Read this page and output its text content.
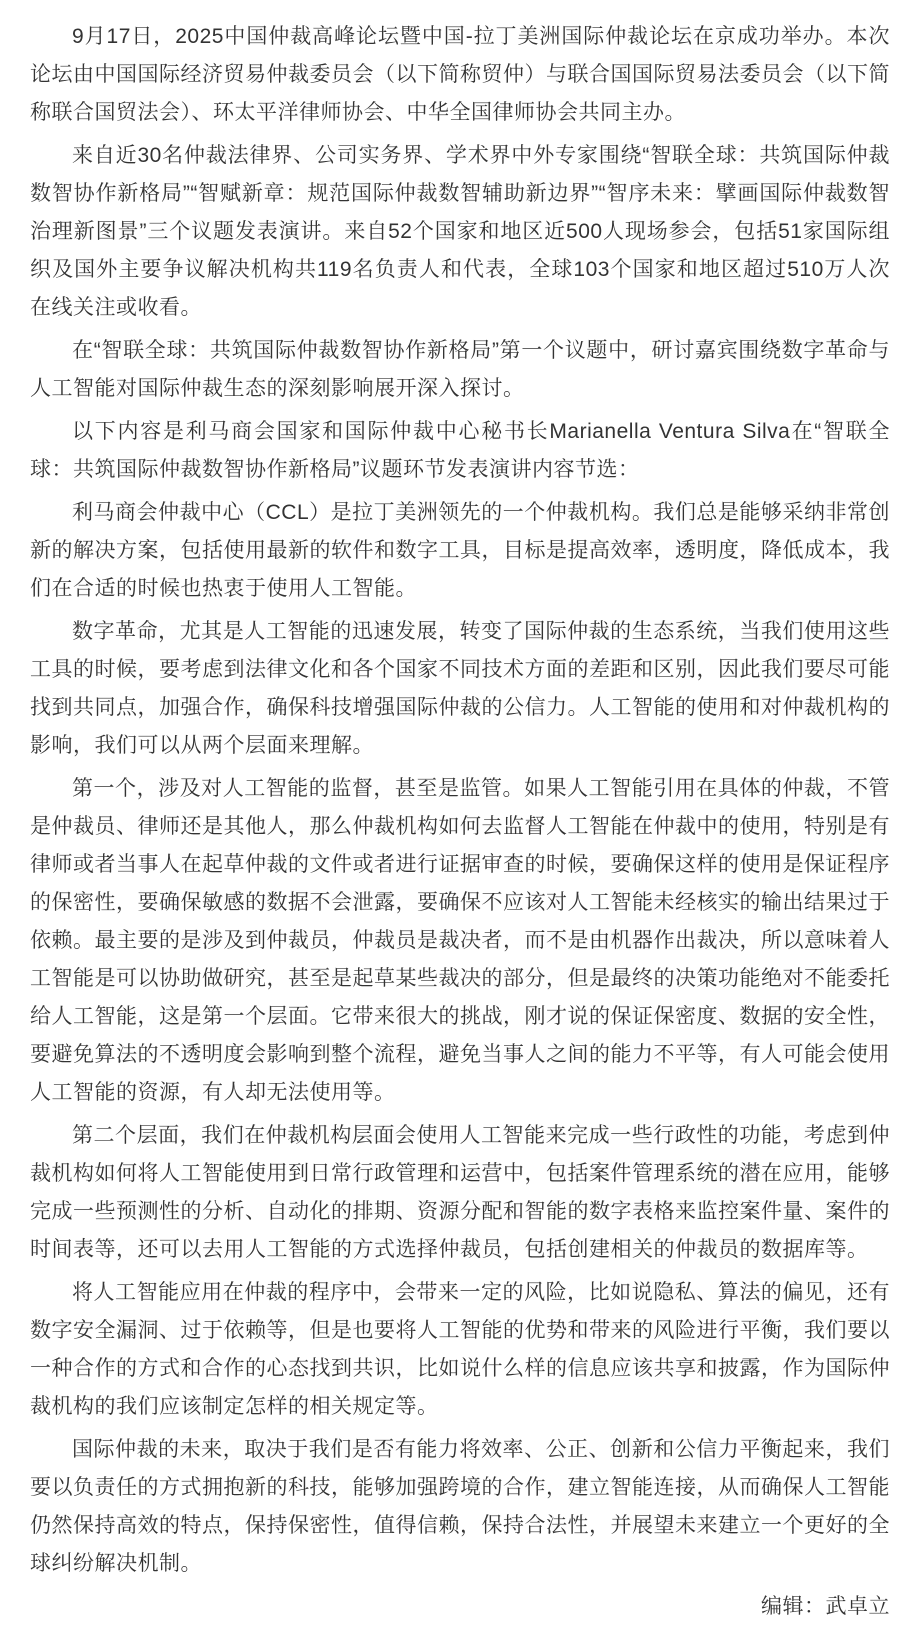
9月17日，2025中国仲裁高峰论坛暨中国-拉丁美洲国际仲裁论坛在京成功举办。本次论坛由中国国际经济贸易仲裁委员会（以下简称贸仲）与联合国国际贸易法委员会（以下简称联合国贸法会）、环太平洋律师协会、中华全国律师协会共同主办。

来自近30名仲裁法律界、公司实务界、学术界中外专家围绕“智联全球：共筑国际仲裁数智协作新格局”“智赋新章：规范国际仲裁数智辅助新边界”“智序未来：擘画国际仲裁数智治理新图景”三个议题发表演讲。来自52个国家和地区近500人现场参会，包括51家国际组织及国外主要争议解决机构共119名负责人和代表，全球103个国家和地区超过510万人次在线关注或收看。

在“智联全球：共筑国际仲裁数智协作新格局”第一个议题中，研讨嘉宾围绕数字革命与人工智能对国际仲裁生态的深刻影响展开深入探讨。

以下内容是利马商会国家和国际仲裁中心秘书长Marianella Ventura Silva在“智联全球：共筑国际仲裁数智协作新格局”议题环节发表演讲内容节选：

利马商会仲裁中心（CCL）是拉丁美洲领先的一个仲裁机构。我们总是能够采纳非常创新的解决方案，包括使用最新的软件和数字工具，目标是提高效率，透明度，降低成本，我们在合适的时候也热衷于使用人工智能。

数字革命，尤其是人工智能的迅速发展，转变了国际仲裁的生态系统，当我们使用这些工具的时候，要考虑到法律文化和各个国家不同技术方面的差距和区别，因此我们要尽可能找到共同点，加强合作，确保科技增强国际仲裁的公信力。人工智能的使用和对仲裁机构的影响，我们可以从两个层面来理解。

第一个，涉及对人工智能的监督，甚至是监管。如果人工智能引用在具体的仲裁，不管是仲裁员、律师还是其他人，那么仲裁机构如何去监督人工智能在仲裁中的使用，特别是有律师或者当事人在起草仲裁的文件或者进行证据审查的时候，要确保这样的使用是保证程序的保密性，要确保敏感的数据不会泄露，要确保不应该对人工智能未经核实的输出结果过于依赖。最主要的是涉及到仲裁员，仲裁员是裁决者，而不是由机器作出裁决，所以意味着人工智能是可以协助做研究，甚至是起草某些裁决的部分，但是最终的决策功能绝对不能委托给人工智能，这是第一个层面。它带来很大的挑战，刚才说的保证保密度、数据的安全性，要避免算法的不透明度会影响到整个流程，避免当事人之间的能力不平等，有人可能会使用人工智能的资源，有人却无法使用等。

第二个层面，我们在仲裁机构层面会使用人工智能来完成一些行政性的功能，考虑到仲裁机构如何将人工智能使用到日常行政管理和运营中，包括案件管理系统的潜在应用，能够完成一些预测性的分析、自动化的排期、资源分配和智能的数字表格来监控案件量、案件的时间表等，还可以去用人工智能的方式选择仲裁员，包括创建相关的仲裁员的数据库等。

将人工智能应用在仲裁的程序中，会带来一定的风险，比如说隐私、算法的偏见，还有数字安全漏洞、过于依赖等，但是也要将人工智能的优势和带来的风险进行平衡，我们要以一种合作的方式和合作的心态找到共识，比如说什么样的信息应该共享和披露，作为国际仲裁机构的我们应该制定怎样的相关规定等。

国际仲裁的未来，取决于我们是否有能力将效率、公正、创新和公信力平衡起来，我们要以负责任的方式拥抱新的科技，能够加强跨境的合作，建立智能连接，从而确保人工智能仍然保持高效的特点，保持保密性，值得信赖，保持合法性，并展望未来建立一个更好的全球纠纷解决机制。

编辑：武卓立
